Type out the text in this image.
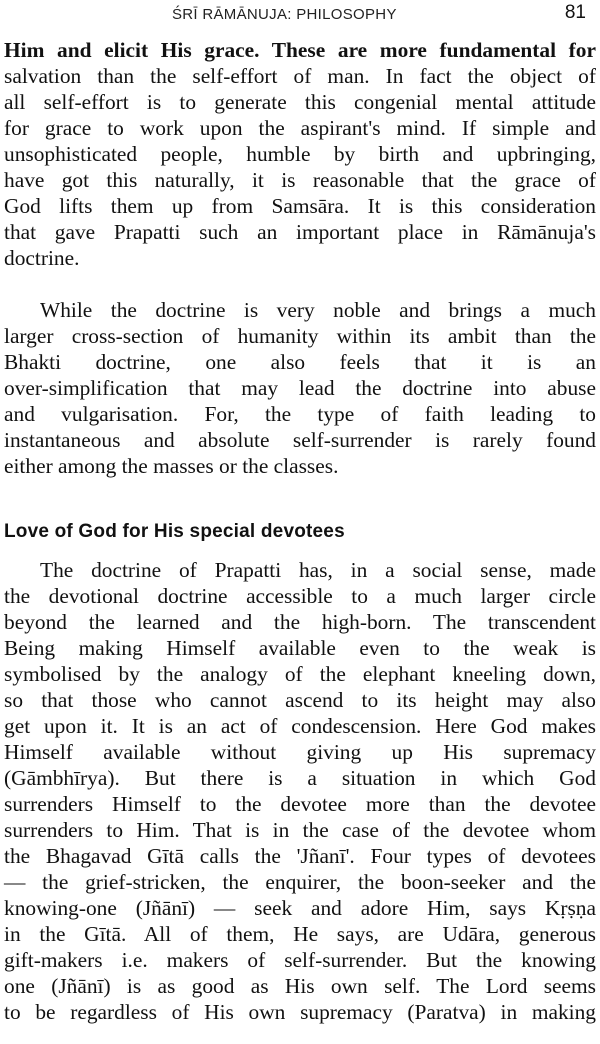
ŚRĪ RĀMĀNUJA: PHILOSOPHY	81
Him and elicit His grace. These are more fundamental for
salvation than the self-effort of man. In fact the object of
all self-effort is to generate this congenial mental attitude
for grace to work upon the aspirant's mind. If simple and
unsophisticated people, humble by birth and upbringing,
have got this naturally, it is reasonable that the grace of
God lifts them up from Samsāra. It is this consideration
that gave Prapatti such an important place in Rāmānuja's
doctrine.
While the doctrine is very noble and brings a much
larger cross-section of humanity within its ambit than the
Bhakti doctrine, one also feels that it is an
over-simplification that may lead the doctrine into abuse
and vulgarisation. For, the type of faith leading to
instantaneous and absolute self-surrender is rarely found
either among the masses or the classes.
Love of God for His special devotees
The doctrine of Prapatti has, in a social sense, made
the devotional doctrine accessible to a much larger circle
beyond the learned and the high-born. The transcendent
Being making Himself available even to the weak is
symbolised by the analogy of the elephant kneeling down,
so that those who cannot ascend to its height may also
get upon it. It is an act of condescension. Here God makes
Himself available without giving up His supremacy
(Gāmbhīrya). But there is a situation in which God
surrenders Himself to the devotee more than the devotee
surrenders to Him. That is in the case of the devotee whom
the Bhagavad Gītā calls the 'Jñanī'. Four types of devotees
— the grief-stricken, the enquirer, the boon-seeker and the
knowing-one (Jñānī) — seek and adore Him, says Kṛṣṇa
in the Gītā. All of them, He says, are Udāra, generous
gift-makers i.e. makers of self-surrender. But the knowing
one (Jñānī) is as good as His own self. The Lord seems
to be regardless of His own supremacy (Paratva) in making
